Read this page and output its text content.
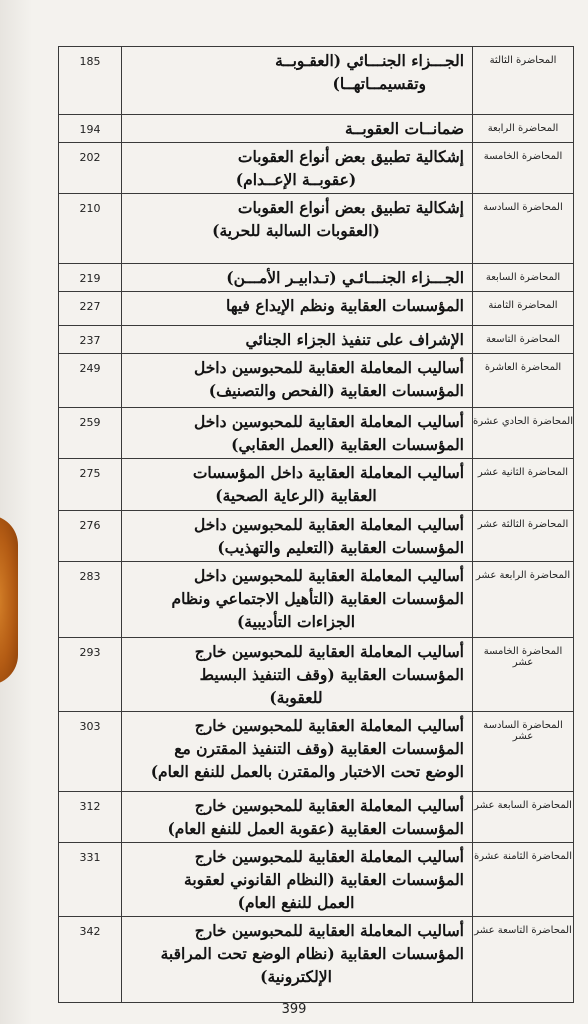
المحاضرة الثالثة	الجـــزاء الجنـــائي (العقـوبــة
وتقسيمــاتهــا)	185

المحاضرة الرابعة	ضمانــات العقوبــة	194

المحاضرة الخامسة	إشكالية تطبيق بعض أنواع العقوبات
(عقوبــة الإعــدام)	202

المحاضرة السادسة	إشكالية تطبيق بعض أنواع العقوبات
(العقوبات السالبة للحرية)	210

المحاضرة السابعة	الجـــزاء الجنـــائـي (تـدابيـر الأمـــن)	219

المحاضرة الثامنة	المؤسسات العقابية ونظم الإيداع فيها	227

المحاضرة التاسعة	الإشراف على تنفيذ الجزاء الجنائي	237

المحاضرة العاشرة	أساليب المعاملة العقابية للمحبوسين داخل
المؤسسات العقابية (الفحص والتصنيف)	249

المحاضرة الحادي عشرة	أساليب المعاملة العقابية للمحبوسين داخل
المؤسسات العقابية (العمل العقابي)	259

المحاضرة الثانية عشر	أساليب المعاملة العقابية داخل المؤسسات
العقابية (الرعاية الصحية)	275

المحاضرة الثالثة عشر	أساليب المعاملة العقابية للمحبوسين داخل
المؤسسات العقابية (التعليم والتهذيب)	276

المحاضرة الرابعة عشر	أساليب المعاملة العقابية للمحبوسين داخل
المؤسسات العقابية (التأهيل الاجتماعي ونظام
الجزاءات التأديبية)	283

المحاضرة الخامسة عشر	أساليب المعاملة العقابية للمحبوسين خارج
المؤسسات العقابية (وقف التنفيذ البسيط
للعقوبة)	293

المحاضرة السادسة عشر	أساليب المعاملة العقابية للمحبوسين خارج
المؤسسات العقابية (وقف التنفيذ المقترن مع
الوضع تحت الاختبار والمقترن بالعمل للنفع العام)	303

المحاضرة السابعة عشر	أساليب المعاملة العقابية للمحبوسين خارج
المؤسسات العقابية (عقوبة العمل للنفع العام)	312

المحاضرة الثامنة عشرة	أساليب المعاملة العقابية للمحبوسين خارج
المؤسسات العقابية (النظام القانوني لعقوبة
العمل للنفع العام)	331

المحاضرة التاسعة عشر	أساليب المعاملة العقابية للمحبوسين خارج
المؤسسات العقابية (نظام الوضع تحت المراقبة
الإلكترونية)	342
399
